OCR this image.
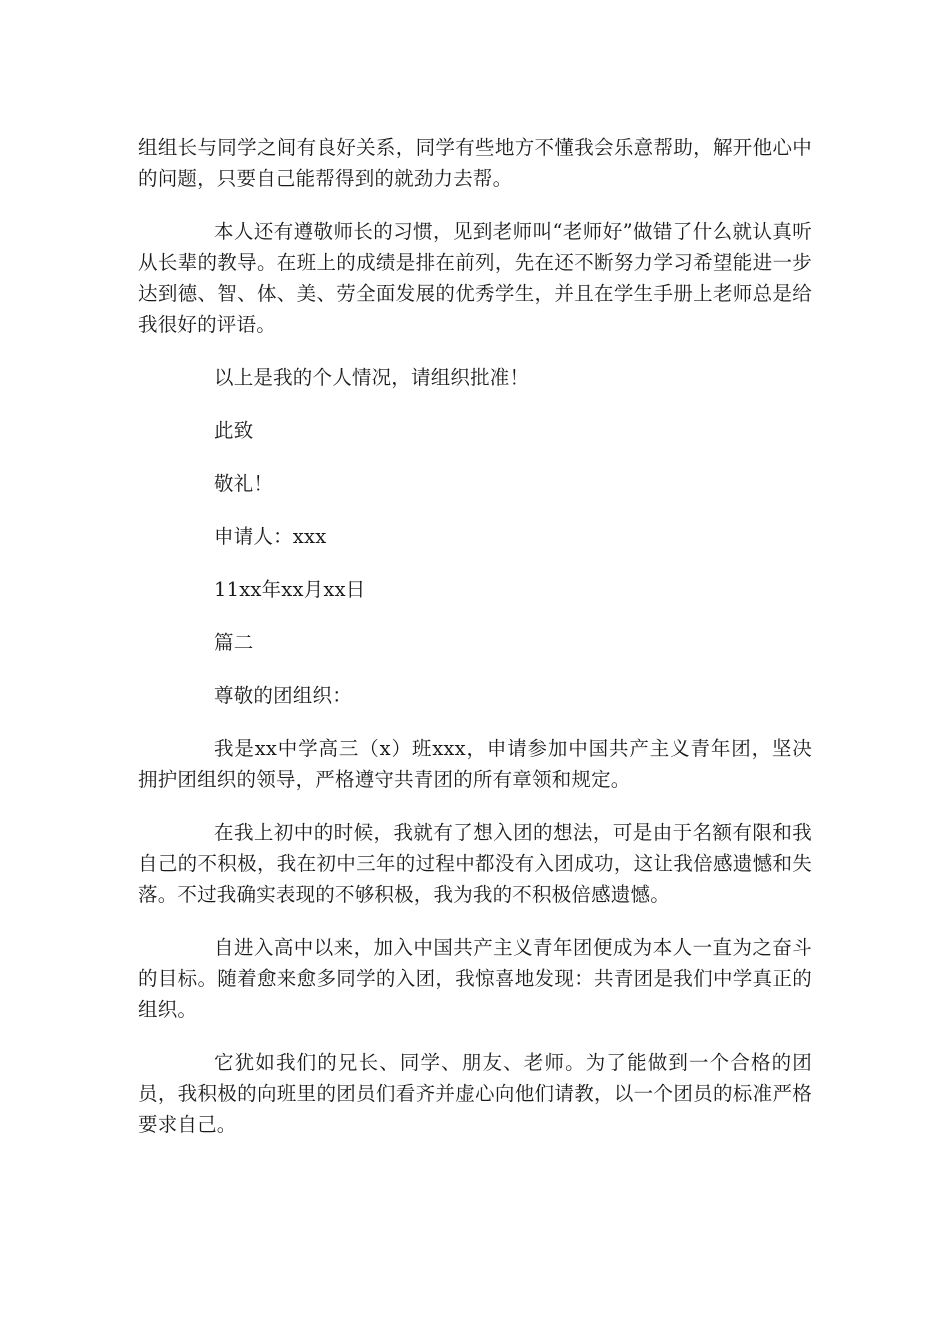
组组长与同学之间有良好关系，同学有些地方不懂我会乐意帮助，解开他心中的问题，只要自己能帮得到的就劲力去帮。

本人还有遵敬师长的习惯，见到老师叫“老师好”做错了什么就认真听从长辈的教导。在班上的成绩是排在前列，先在还不断努力学习希望能进一步达到德、智、体、美、劳全面发展的优秀学生，并且在学生手册上老师总是给我很好的评语。

以上是我的个人情况，请组织批准！

此致

敬礼！

申请人：xxx

11xx年xx月xx日

篇二

尊敬的团组织：

我是xx中学高三（x）班xxx，申请参加中国共产主义青年团，坚决拥护团组织的领导，严格遵守共青团的所有章领和规定。

在我上初中的时候，我就有了想入团的想法，可是由于名额有限和我自己的不积极，我在初中三年的过程中都没有入团成功，这让我倍感遗憾和失落。不过我确实表现的不够积极，我为我的不积极倍感遗憾。

自进入高中以来，加入中国共产主义青年团便成为本人一直为之奋斗的目标。随着愈来愈多同学的入团，我惊喜地发现：共青团是我们中学真正的组织。

它犹如我们的兄长、同学、朋友、老师。为了能做到一个合格的团员，我积极的向班里的团员们看齐并虚心向他们请教，以一个团员的标准严格要求自己。
